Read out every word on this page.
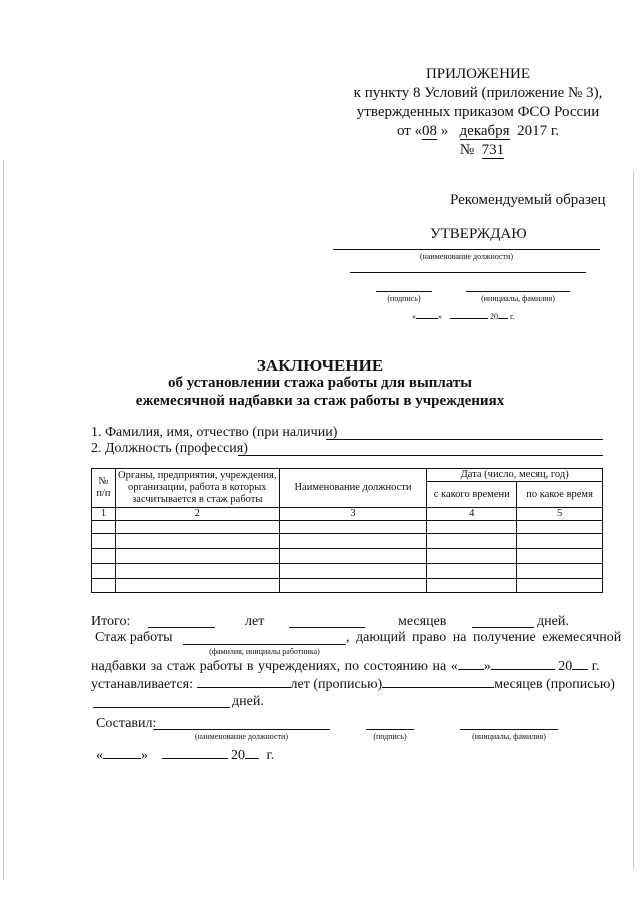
ПРИЛОЖЕНИЕ
к пункту 8 Условий (приложение № 3),
утвержденных приказом ФСО России
от «08 » декабря 2017 г.
№ 731
Рекомендуемый образец
УТВЕРЖДАЮ
(наименование должности)
(подпись)	(инициалы, фамилия)
«	»	20 г.
ЗАКЛЮЧЕНИЕ
об установлении стажа работы для выплаты
ежемесячной надбавки за стаж работы в учреждениях
1. Фамилия, имя, отчество (при наличии)
2. Должность (профессия)
№ п/п	Органы, предприятия, учреждения, организации, работа в которых засчитывается в стаж работы	Наименование должности	Дата (число, месяц, год)	
			с какого времени	по какое время
1	2	3	4	5

Итого:	лет	месяцев	дней.
Стаж работы
(фамилия, инициалы работника)
, дающий право на получение ежемесячной
надбавки за стаж работы в учреждениях, по состоянию на « »	20 г.
устанавливается:	лет (прописью)	месяцев (прописью)
дней.
Составил:
(наименование должности)	(подпись)	(инициалы, фамилия)
«	»	20 г.
